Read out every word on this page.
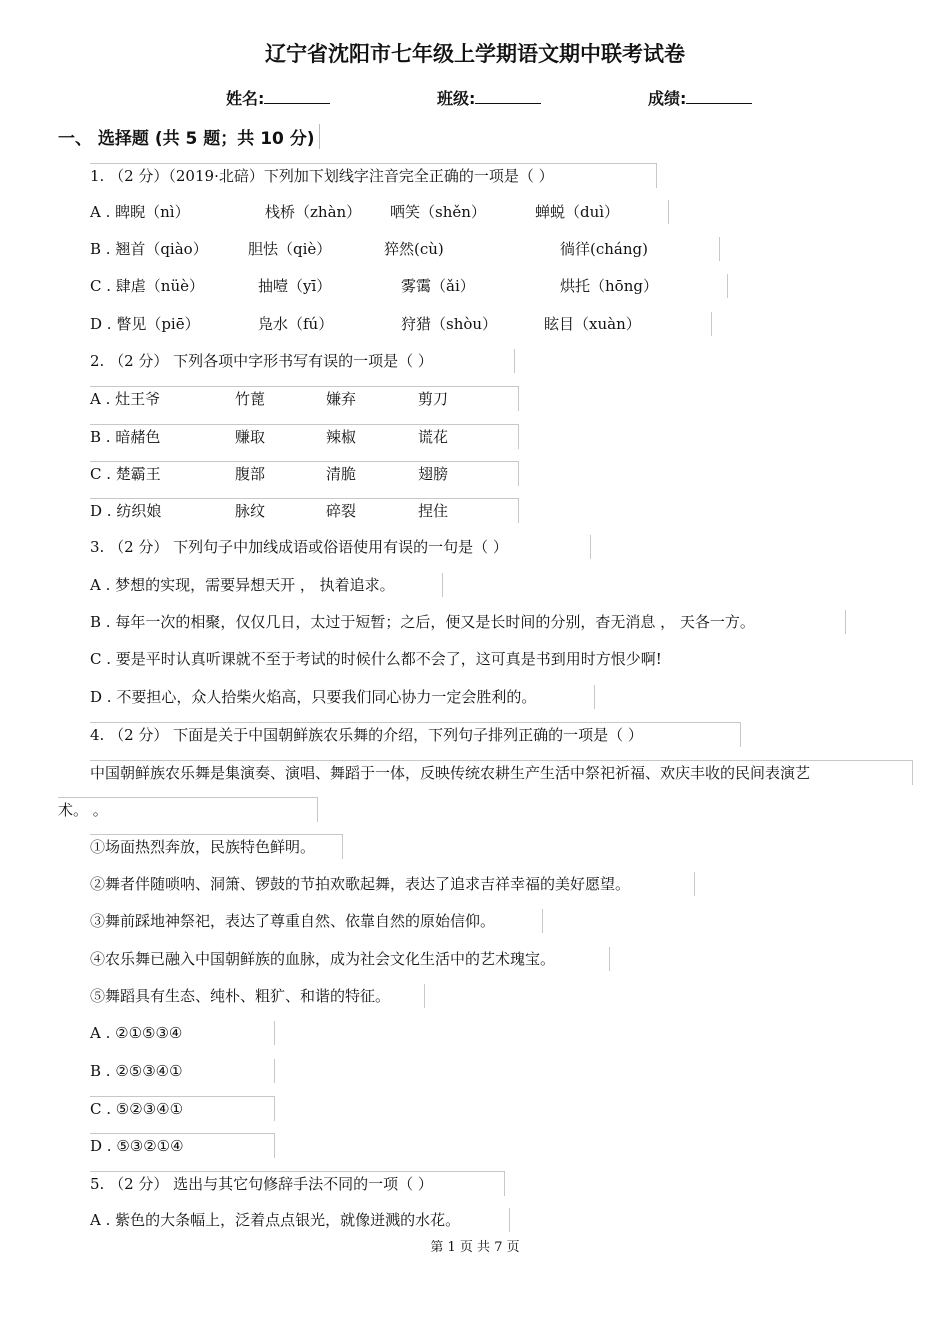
辽宁省沈阳市七年级上学期语文期中联考试卷
姓名:	班级:	成绩:
一、 选择题 (共 5 题；共 10 分)
1. （2 分）（2019·北碚）下列加下划线字注音完全正确的一项是（ ）
A . 睥睨（nì）	栈桥（zhàn） 哂笑（shěn）	蝉蜕（duì）
B . 翘首（qiào）	胆怯（qiè）	猝然(cù)	徜徉(cháng)
C . 肆虐（nüè）	抽噎（yī）	雾霭（ǎi）	烘托（hōng）
D . 瞥见（piē）	凫水（fú）	狩猎（shòu）	眩目（xuàn）
2. （2 分） 下列各项中字形书写有误的一项是（ ）
A . 灶王爷	竹蓖	嫌弃	剪刀
B . 暗赭色	赚取	辣椒	谎花
C . 楚霸王	腹部	清脆	翅膀
D . 纺织娘	脉纹	碎裂	捏住
3. （2 分） 下列句子中加线成语或俗语使用有误的一句是（ ）
A . 梦想的实现，需要异想天开 ， 执着追求。
B . 每年一次的相聚，仅仅几日，太过于短暂；之后，便又是长时间的分别，杳无消息 ， 天各一方。
C . 要是平时认真听课就不至于考试的时候什么都不会了，这可真是书到用时方恨少啊!
D . 不要担心，众人拾柴火焰高，只要我们同心协力一定会胜利的。
4. （2 分） 下面是关于中国朝鲜族农乐舞的介绍，下列句子排列正确的一项是（ ）
中国朝鲜族农乐舞是集演奏、演唱、舞蹈于一体，反映传统农耕生产生活中祭祀祈福、欢庆丰收的民间表演艺
术。 。
①场面热烈奔放，民族特色鲜明。
②舞者伴随唢呐、洞箫、锣鼓的节拍欢歌起舞，表达了追求吉祥幸福的美好愿望。
③舞前踩地神祭祀，表达了尊重自然、依靠自然的原始信仰。
④农乐舞已融入中国朝鲜族的血脉，成为社会文化生活中的艺术瑰宝。
⑤舞蹈具有生态、纯朴、粗犷、和谐的特征。
A . ②①⑤③④
B . ②⑤③④①
C . ⑤②③④①
D . ⑤③②①④
5. （2 分） 选出与其它句修辞手法不同的一项（ ）
A . 紫色的大条幅上，泛着点点银光，就像迸溅的水花。
第 1 页 共 7 页
